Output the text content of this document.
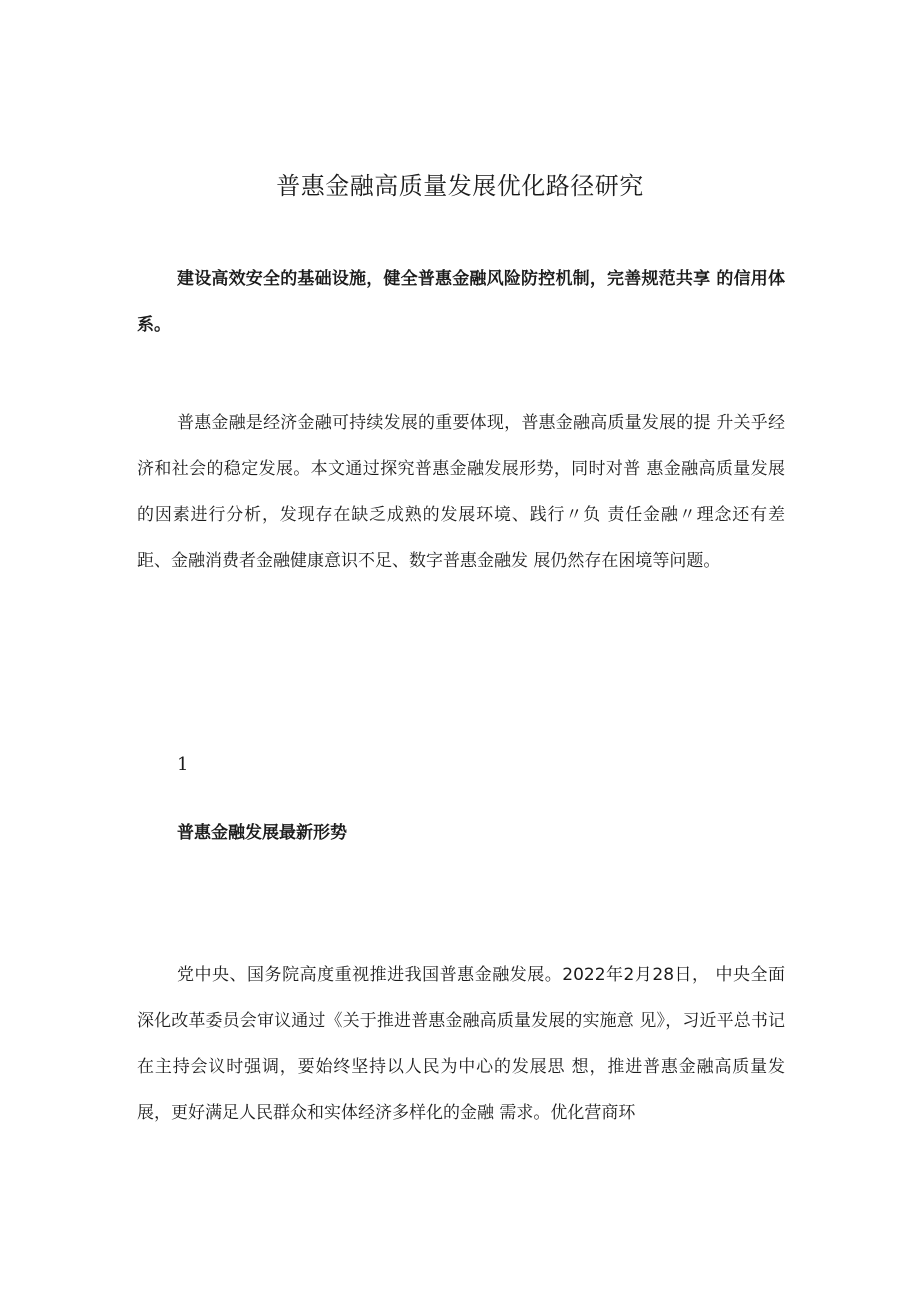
普惠金融高质量发展优化路径研究
建设高效安全的基础设施，健全普惠金融风险防控机制，完善规范共享 的信用体系。
普惠金融是经济金融可持续发展的重要体现，普惠金融高质量发展的提 升关乎经济和社会的稳定发展。本文通过探究普惠金融发展形势，同时对普 惠金融高质量发展的因素进行分析，发现存在缺乏成熟的发展环境、践行〃负 责任金融〃理念还有差距、金融消费者金融健康意识不足、数字普惠金融发 展仍然存在困境等问题。
1
普惠金融发展最新形势
党中央、国务院高度重视推进我国普惠金融发展。2022年2月28日， 中央全面深化改革委员会审议通过《关于推进普惠金融高质量发展的实施意 见》，习近平总书记在主持会议时强调，要始终坚持以人民为中心的发展思 想，推进普惠金融高质量发展，更好满足人民群众和实体经济多样化的金融 需求。优化营商环
